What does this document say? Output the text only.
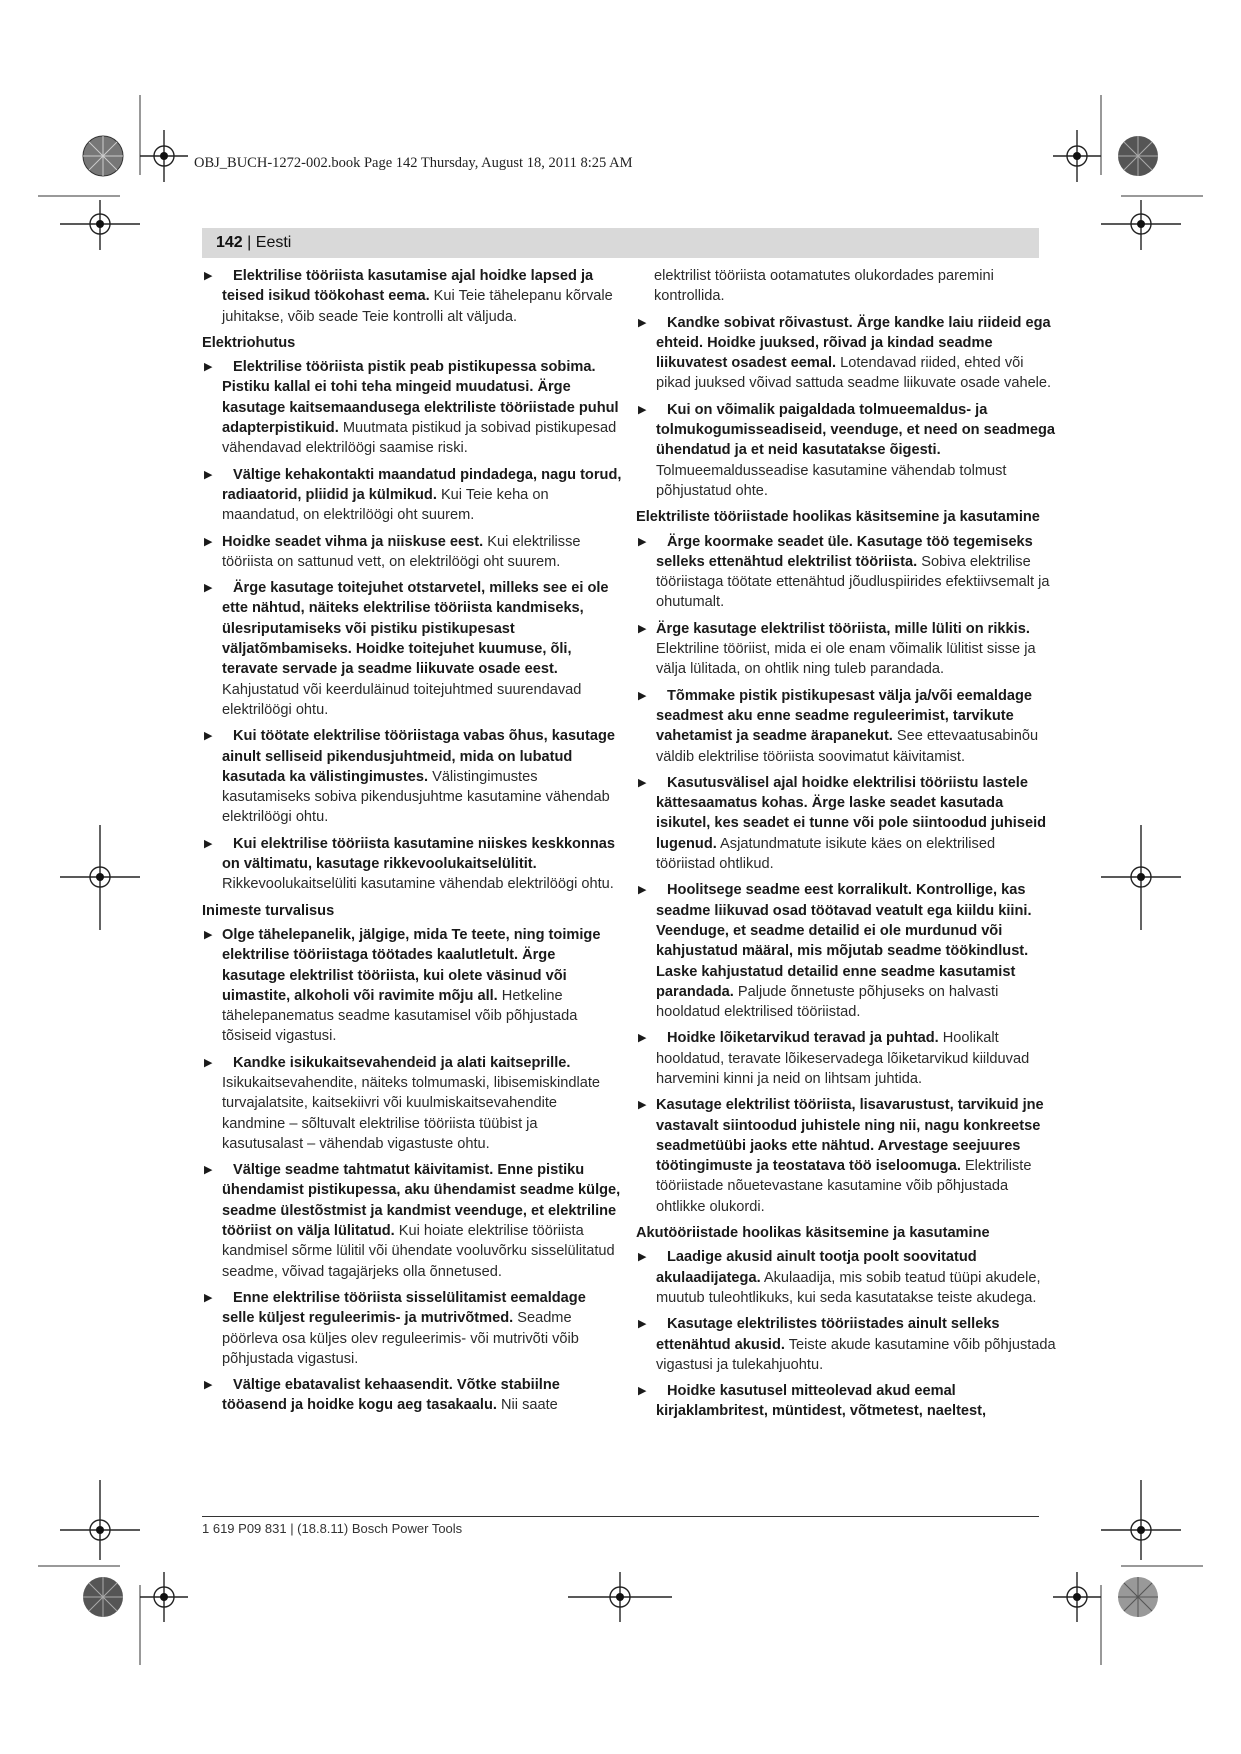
OBJ_BUCH-1272-002.book Page 142 Thursday, August 18, 2011 8:25 AM
142 | Eesti
▶ Elektrilise tööriista kasutamise ajal hoidke lapsed ja teised isikud töökohast eema. Kui Teie tähelepanu kõrvale juhitakse, võib seade Teie kontrolli alt väljuda.
Elektriohutus
▶ Elektrilise tööriista pistik peab pistikupessa sobima. Pistiku kallal ei tohi teha mingeid muudatusi. Ärge kasutage kaitsemaandusega elektriliste tööriistade puhul adapterpistikuid. Muutmata pistikud ja sobivad pistikupesad vähendavad elektrilöögi saamise riski.
▶ Vältige kehakontakti maandatud pindadega, nagu torud, radiaatorid, pliidid ja külmikud. Kui Teie keha on maandatud, on elektrilöögi oht suurem.
▶ Hoidke seadet vihma ja niiskuse eest. Kui elektrilisse tööriista on sattunud vett, on elektrilöögi oht suurem.
▶ Ärge kasutage toitejuhet otstarvetel, milleks see ei ole ette nähtud, näiteks elektrilise tööriista kandmiseks, ülesriputamiseks või pistiku pistikupesast väljatõmbamiseks. Hoidke toitejuhet kuumuse, õli, teravate servade ja seadme liikuvate osade eest. Kahjustatud või keerduläinud toitejuhtmed suurendavad elektrilöögi ohtu.
▶ Kui töötate elektrilise tööriistaga vabas õhus, kasutage ainult selliseid pikendusjuhtmeid, mida on lubatud kasutada ka välistingimustes. Välistingimustes kasutamiseks sobiva pikendusjuhtme kasutamine vähendab elektrilöögi ohtu.
▶ Kui elektrilise tööriista kasutamine niiskes keskkonnas on vältimatu, kasutage rikkevoolukaitselülitit. Rikkevoolukaitselüliti kasutamine vähendab elektrilöögi ohtu.
Inimeste turvalisus
▶ Olge tähelepanelik, jälgige, mida Te teete, ning toimige elektrilise tööriistaga töötades kaalutletult. Ärge kasutage elektrilist tööriista, kui olete väsinud või uimastite, alkoholi või ravimite mõju all. Hetkeline tähelepanematus seadme kasutamisel võib põhjustada tõsiseid vigastusi.
▶ Kandke isikukaitsevahendeid ja alati kaitseprille. Isikukaitsevahendite, näiteks tolmumaski, libisemiskindlate turvajalatsite, kaitsekiivri või kuulmiskaitsevahendite kandmine – sõltuvalt elektrilise tööriista tüübist ja kasutusalast – vähendab vigastuste ohtu.
▶ Vältige seadme tahtmatut käivitamist. Enne pistiku ühendamist pistikupessa, aku ühendamist seadme külge, seadme ülestõstmist ja kandmist veenduge, et elektriline tööriist on välja lülitatud. Kui hoiate elektrilise tööriista kandmisel sõrme lülitil või ühendate vooluvõrku sisselülitatud seadme, võivad tagajärjeks olla õnnetused.
▶ Enne elektrilise tööriista sisselülitamist eemaldage selle küljest reguleerimis- ja mutrivõtmed. Seadme pöörleva osa küljes olev reguleerimis- või mutrivõti võib põhjustada vigastusi.
▶ Vältige ebatavalist kehaasendit. Võtke stabiilne tööasend ja hoidke kogu aeg tasakaalu. Nii saate
elektrilist tööriista ootamatutes olukordades paremini kontrollida.
▶ Kandke sobivat rõivastust. Ärge kandke laiu riideid ega ehteid. Hoidke juuksed, rõivad ja kindad seadme liikuvatest osadest eemal. Lotendavad riided, ehted või pikad juuksed võivad sattuda seadme liikuvate osade vahele.
▶ Kui on võimalik paigaldada tolmueemaldus- ja tolmukogumisseadiseid, veenduge, et need on seadmega ühendatud ja et neid kasutatakse õigesti. Tolmueemaldusseadise kasutamine vähendab tolmust põhjustatud ohte.
Elektriliste tööriistade hoolikas käsitsemine ja kasutamine
▶ Ärge koormake seadet üle. Kasutage töö tegemiseks selleks ettenähtud elektrilist tööriista. Sobiva elektrilise tööriistaga töötate ettenähtud jõudluspiirides efektiivsemalt ja ohutumalt.
▶ Ärge kasutage elektrilist tööriista, mille lüliti on rikkis. Elektriline tööriist, mida ei ole enam võimalik lülitist sisse ja välja lülitada, on ohtlik ning tuleb parandada.
▶ Tõmmake pistik pistikupesast välja ja/või eemaldage seadmest aku enne seadme reguleerimist, tarvikute vahetamist ja seadme ärapanekut. See ettevaatusabinõu väldib elektrilise tööriista soovimatut käivitamist.
▶ Kasutusvälisel ajal hoidke elektrilisi tööriistu lastele kättesaamatus kohas. Ärge laske seadet kasutada isikutel, kes seadet ei tunne või pole siintoodud juhiseid lugenud. Asjatundmatute isikute käes on elektrilised tööriistad ohtlikud.
▶ Hoolitsege seadme eest korralikult. Kontrollige, kas seadme liikuvad osad töötavad veatult ega kiildu kiini. Veenduge, et seadme detailid ei ole murdunud või kahjustatud määral, mis mõjutab seadme töökindlust. Laske kahjustatud detailid enne seadme kasutamist parandada. Paljude õnnetuste põhjuseks on halvasti hooldatud elektrilised tööriistad.
▶ Hoidke lõiketarvikud teravad ja puhtad. Hoolikalt hooldatud, teravate lõikeservadega lõiketarvikud kiilduvad harvemini kinni ja neid on lihtsam juhtida.
▶ Kasutage elektrilist tööriista, lisavarustust, tarvikuid jne vastavalt siintoodud juhistele ning nii, nagu konkreetse seadmetüübi jaoks ette nähtud. Arvestage seejuures töötingimuste ja teostatava töö iseloomuga. Elektriliste tööriistade nõuetevastane kasutamine võib põhjustada ohtlikke olukordi.
Akutööriistade hoolikas käsitsemine ja kasutamine
▶ Laadige akusid ainult tootja poolt soovitatud akulaadijatega. Akulaadija, mis sobib teatud tüüpi akudele, muutub tuleohtlikuks, kui seda kasutatakse teiste akudega.
▶ Kasutage elektrilistes tööriistades ainult selleks ettenähtud akusid. Teiste akude kasutamine võib põhjustada vigastusi ja tulekahjuohtu.
▶ Hoidke kasutusel mitteolevad akud eemal kirjaklambritest, müntidest, võtmetest, naeltest,
1 619 P09 831 | (18.8.11) Bosch Power Tools
